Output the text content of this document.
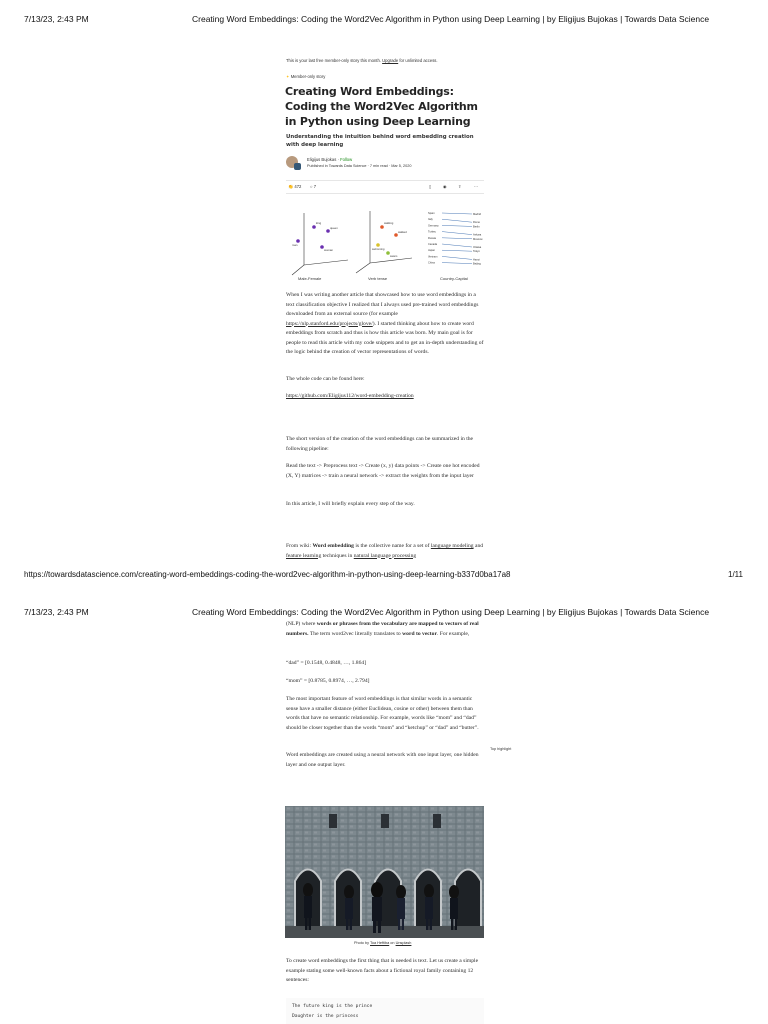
7/13/23, 2:43 PM	Creating Word Embeddings: Coding the Word2Vec Algorithm in Python using Deep Learning | by Eligijus Bujokas | Towards Data Science
This is your last free member-only story this month. Upgrade for unlimited access.
✦ Member-only story
Creating Word Embeddings: Coding the Word2Vec Algorithm in Python using Deep Learning
Understanding the intuition behind word embedding creation with deep learning
Eligijus Bujokas · Follow
Published in Towards Data Science · 7 min read · Mar 5, 2020
👏 472 ○ 7	▯	◉	⇪	⋯
king
queen
man
woman
walking
walked
swimming
swam
Spain	Madrid
Italy
Rome
Germany	Berlin
Turkey
Ankara
Russia	Moscow
Canada
Ottawa
Japan	Tokyo
Vietnam
Hanoi
China	Beijing
Male-Female	Verb tense	Country-Capital

When I was writing another article that showcased how to use word embeddings in a text classification objective I realized that I always used pre-trained word embeddings downloaded from an external source (for example https://nlp.stanford.edu/projects/glove/). I started thinking about how to create word embeddings from scratch and thus is how this article was born. My main goal is for people to read this article with my code snippets and to get an in-depth understanding of the logic behind the creation of vector representations of words.

The whole code can be found here:
https://github.com/Eligijus112/word-embedding-creation
The short version of the creation of the word embeddings can be summarized in the following pipeline:
Read the text -> Preprocess text -> Create (x, y) data points -> Create one hot encoded (X, Y) matrices -> train a neural network -> extract the weights from the input layer
In this article, I will briefly explain every step of the way.
From wiki: Word embedding is the collective name for a set of language modeling and feature learning techniques in natural language processing
https://towardsdatascience.com/creating-word-embeddings-coding-the-word2vec-algorithm-in-python-using-deep-learning-b337d0ba17a8	1/11
7/13/23, 2:43 PM	Creating Word Embeddings: Coding the Word2Vec Algorithm in Python using Deep Learning | by Eligijus Bujokas | Towards Data Science
(NLP) where words or phrases from the vocabulary are mapped to vectors of real numbers. The term word2vec literally translates to word to vector. For example,
“dad” = [0.1548, 0.4848, …, 1.864]
“mom” = [0.8785, 0.8974, …, 2.794]
The most important feature of word embeddings is that similar words in a semantic sense have a smaller distance (either Euclidean, cosine or other) between them than words that have no semantic relationship. For example, words like “mom” and “dad” should be closer together than the words “mom” and “ketchup” or “dad” and “butter”.
Word embeddings are created using a neural network with one input layer, one hidden layer and one output layer.
Top highlight
Photo by Toa Heftiba on Unsplash
To create word embeddings the first thing that is needed is text. Let us create a simple example stating some well-known facts about a fictional royal family containing 12 sentences:
The future king is the prince
Daughter is the princess
